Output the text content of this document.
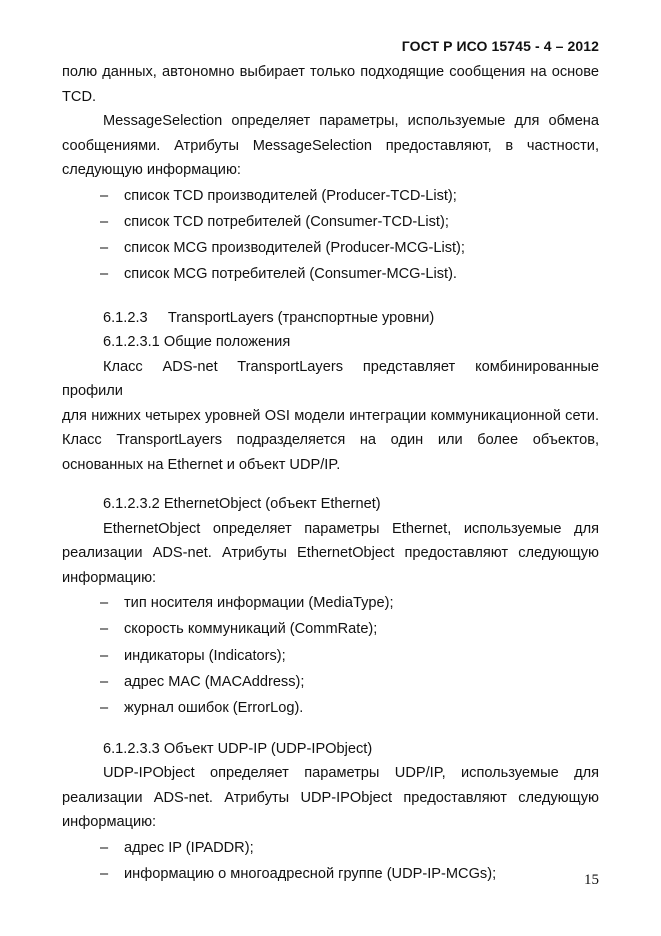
ГОСТ Р ИСО 15745 - 4 – 2012

полю данных, автономно выбирает только подходящие сообщения на основе

TCD.

MessageSelection определяет параметры, используемые для обмена

сообщениями. Атрибуты MessageSelection предоставляют, в частности,

следующую информацию:

– список TCD производителей (Producer-TCD-List);
– список TCD потребителей (Consumer-TCD-List);
– список MCG производителей (Producer-MCG-List);
– список MCG потребителей (Consumer-MCG-List).
6.1.2.3     TransportLayers (транспортные уровни)
6.1.2.3.1 Общие положения

Класс ADS-net TransportLayers представляет комбинированные профили

для нижних четырех уровней OSI модели интеграции коммуникационной сети.

Класс TransportLayers подразделяется на один или более объектов,

основанных на Ethernet и объект UDP/IP.

6.1.2.3.2 EthernetObject (объект Ethernet)

EthernetObject определяет параметры Ethernet, используемые для

реализации ADS-net. Атрибуты EthernetObject предоставляют следующую

информацию:

– тип носителя информации (MediaType);
– скорость коммуникаций (CommRate);
– индикаторы (Indicators);
– адрес MAC (MACAddress);
– журнал ошибок (ErrorLog).
6.1.2.3.3 Объект UDP-IP (UDP-IPObject)

UDP-IPObject определяет параметры UDP/IP, используемые для

реализации ADS-net. Атрибуты UDP-IPObject предоставляют следующую

информацию:

– адрес IP (IPADDR);
– информацию о многоадресной группе (UDP-IP-MCGs);	15
